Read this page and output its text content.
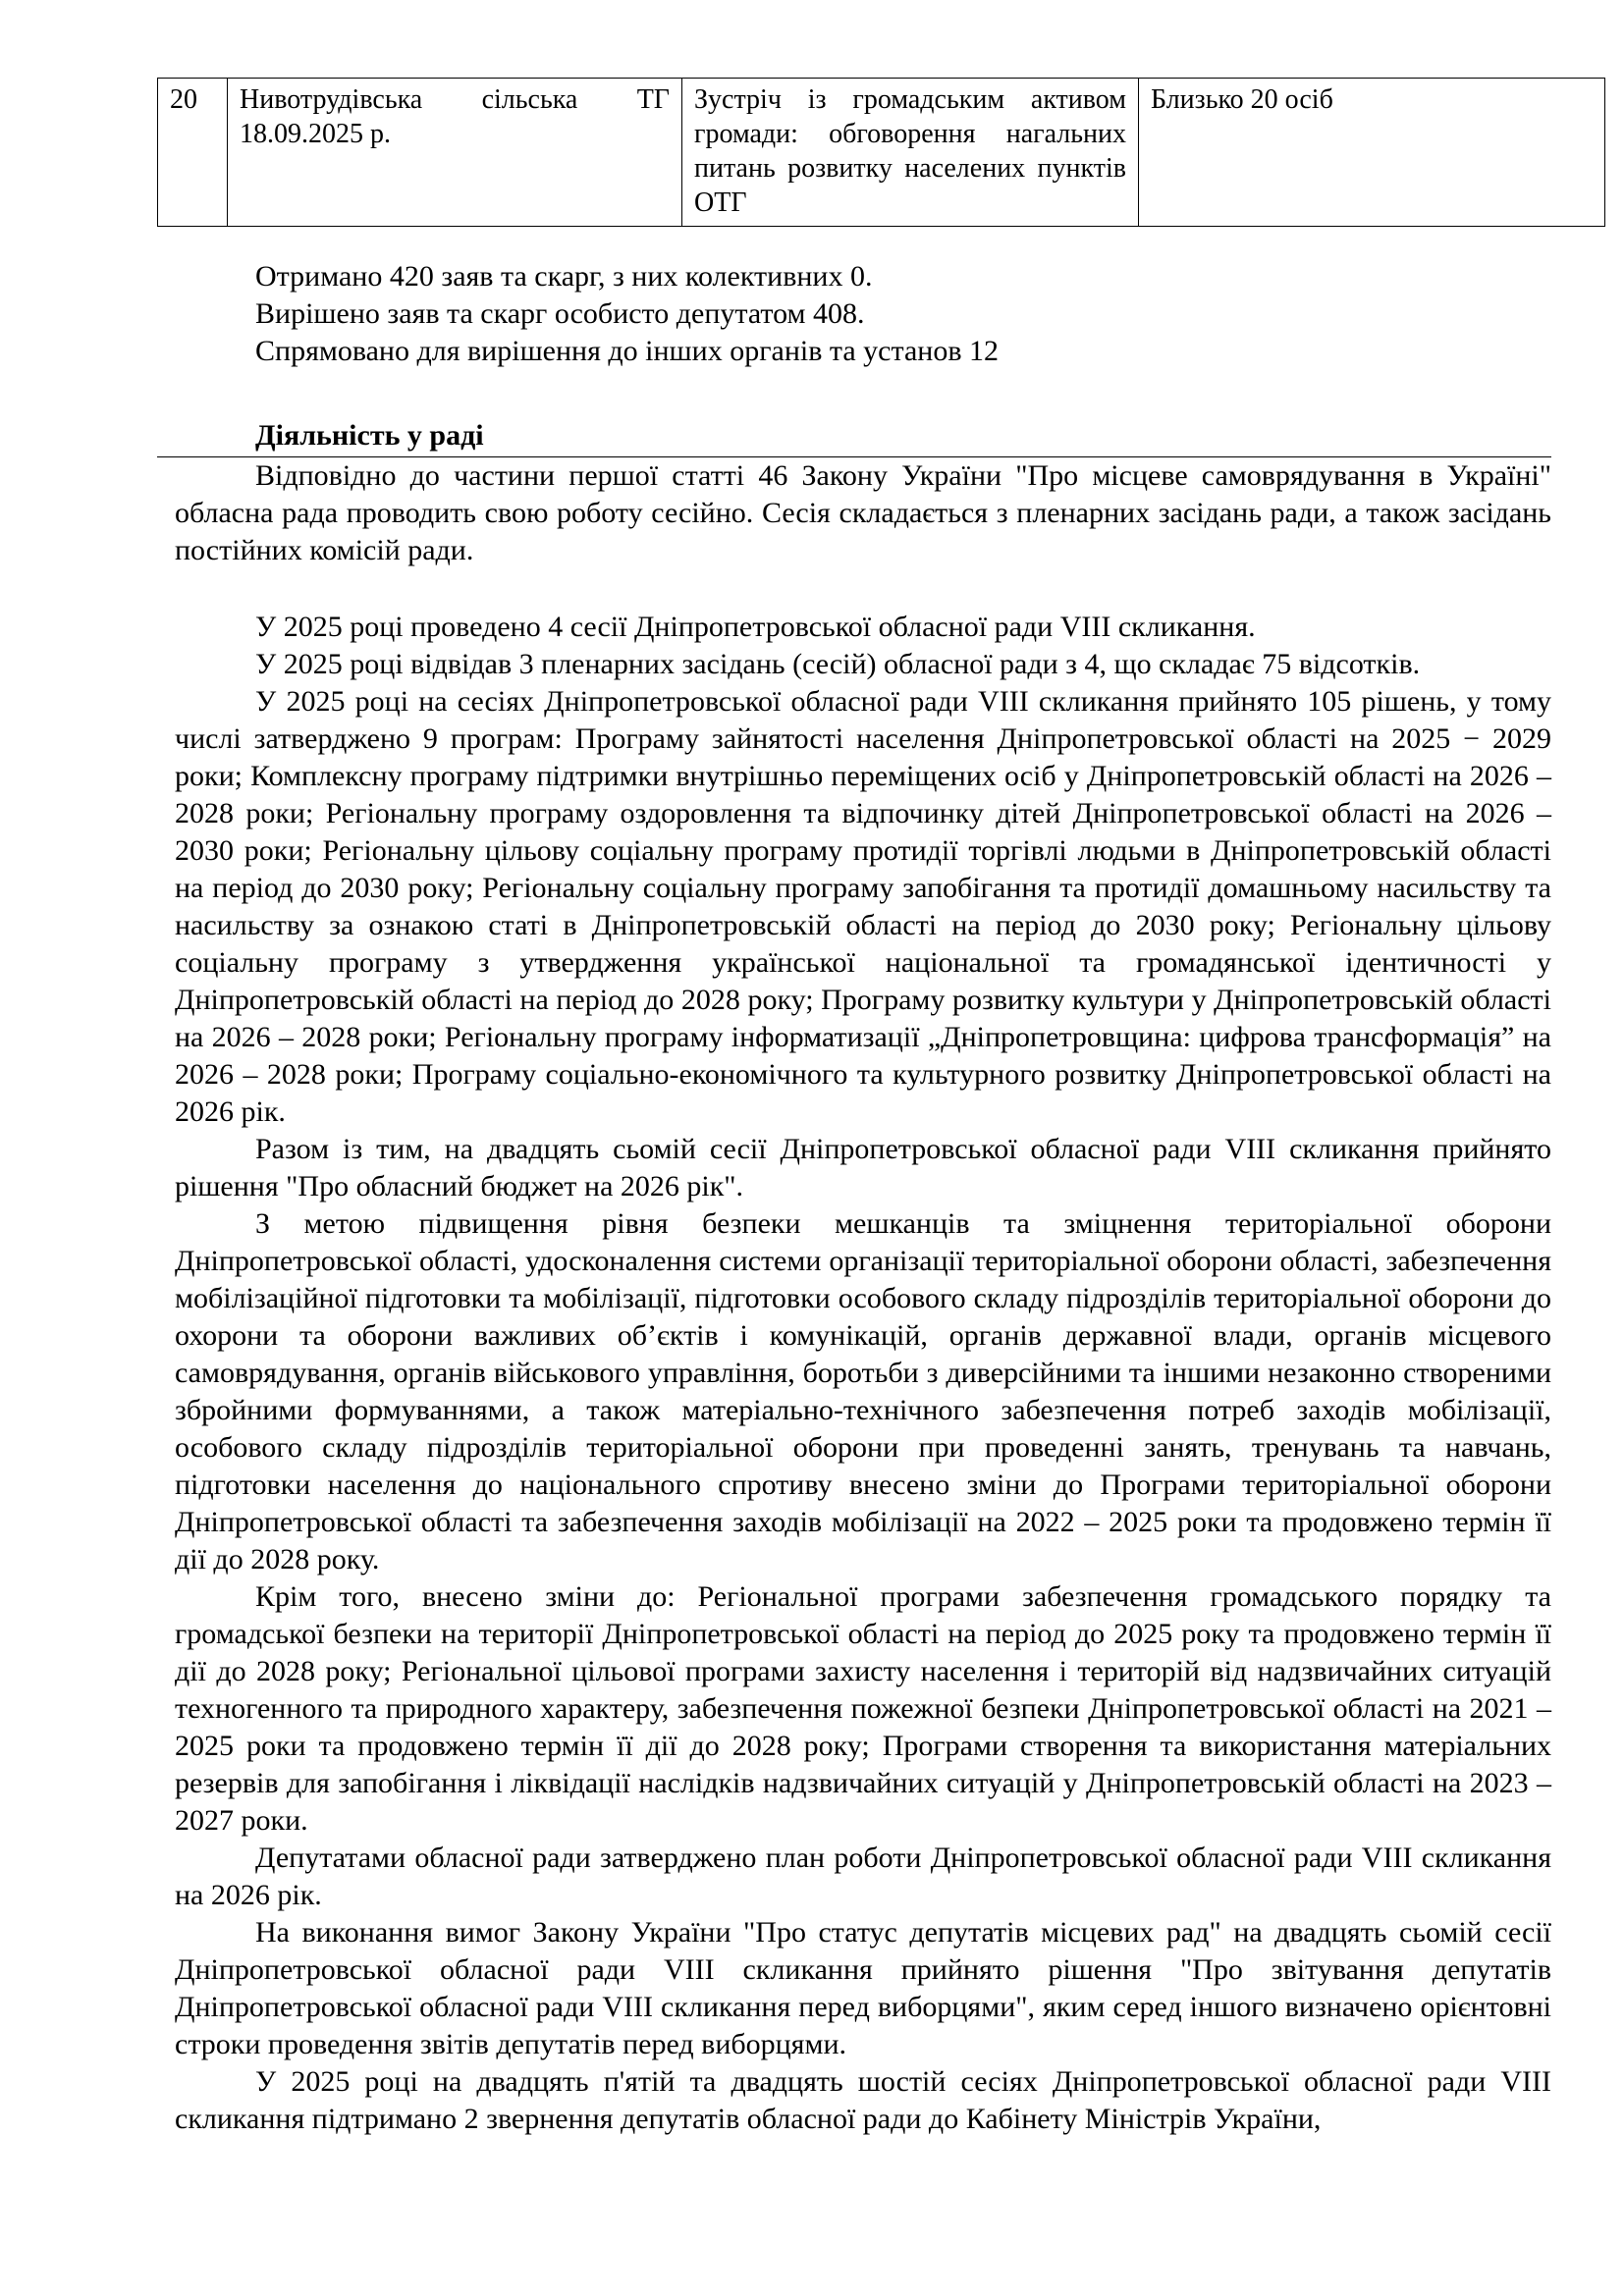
20	Нивотрудівська сільська ТГ 18.09.2025 р.	Зустріч із громадським активом громади: обговорення нагальних питань розвитку населених пунктів ОТГ	Близько 20 осіб
Отримано 420 заяв та скарг, з них колективних 0.
Вирішено заяв та скарг особисто депутатом 408.
Спрямовано для вирішення до інших органів та установ 12
Діяльність у раді

Відповідно до частини першої статті 46 Закону України "Про місцеве самоврядування в Україні" обласна рада проводить свою роботу сесійно. Сесія складається з пленарних засідань ради, а також засідань постійних комісій ради.

У 2025 році проведено 4 сесії Дніпропетровської обласної ради VIII скликання.

У 2025 році відвідав 3 пленарних засідань (сесій) обласної ради з 4, що складає 75 відсотків.

У 2025 році на сесіях Дніпропетровської обласної ради VIII скликання прийнято 105 рішень, у тому числі затверджено 9 програм: Програму зайнятості населення Дніпропетровської області на 2025 − 2029 роки; Комплексну програму підтримки внутрішньо переміщених осіб у Дніпропетровській області на 2026 – 2028 роки; Регіональну програму оздоровлення та відпочинку дітей Дніпропетровської області на 2026 – 2030 роки; Регіональну цільову соціальну програму протидії торгівлі людьми в Дніпропетровській області на період до 2030 року; Регіональну соціальну програму запобігання та протидії домашньому насильству та насильству за ознакою статі в Дніпропетровській області на період до 2030 року; Регіональну цільову соціальну програму з утвердження української національної та громадянської ідентичності у Дніпропетровській області на період до 2028 року; Програму розвитку культури у Дніпропетровській області на 2026 – 2028 роки; Регіональну програму інформатизації „Дніпропетровщина: цифрова трансформація” на 2026 – 2028 роки; Програму соціально-економічного та культурного розвитку Дніпропетровської області на 2026 рік.

Разом із тим, на двадцять сьомій сесії Дніпропетровської обласної ради VIII скликання прийнято рішення "Про обласний бюджет на 2026 рік".

З метою підвищення рівня безпеки мешканців та зміцнення територіальної оборони Дніпропетровської області, удосконалення системи організації територіальної оборони області, забезпечення мобілізаційної підготовки та мобілізації, підготовки особового складу підрозділів територіальної оборони до охорони та оборони важливих об’єктів і комунікацій, органів державної влади, органів місцевого самоврядування, органів військового управління, боротьби з диверсійними та іншими незаконно створеними збройними формуваннями, а також матеріально-технічного забезпечення потреб заходів мобілізації, особового складу підрозділів територіальної оборони при проведенні занять, тренувань та навчань, підготовки населення до національного спротиву внесено зміни до Програми територіальної оборони Дніпропетровської області та забезпечення заходів мобілізації на 2022 – 2025 роки та продовжено термін її дії до 2028 року.

Крім того, внесено зміни до: Регіональної програми забезпечення громадського порядку та громадської безпеки на території Дніпропетровської області на період до 2025 року та продовжено термін її дії до 2028 року; Регіональної цільової програми захисту населення і територій від надзвичайних ситуацій техногенного та природного характеру, забезпечення пожежної безпеки Дніпропетровської області на 2021 – 2025 роки та продовжено термін її дії до 2028 року; Програми створення та використання матеріальних резервів для запобігання і ліквідації наслідків надзвичайних ситуацій у Дніпропетровській області на 2023 – 2027 роки.

Депутатами обласної ради затверджено план роботи Дніпропетровської обласної ради VIII скликання на 2026 рік.

На виконання вимог Закону України "Про статус депутатів місцевих рад" на двадцять сьомій сесії Дніпропетровської обласної ради VIII скликання прийнято рішення "Про звітування депутатів Дніпропетровської обласної ради VIII скликання перед виборцями", яким серед іншого визначено орієнтовні строки проведення звітів депутатів перед виборцями.

У 2025 році на двадцять п'ятій та двадцять шостій сесіях Дніпропетровської обласної ради VIII скликання підтримано 2 звернення депутатів обласної ради до Кабінету Міністрів України,
